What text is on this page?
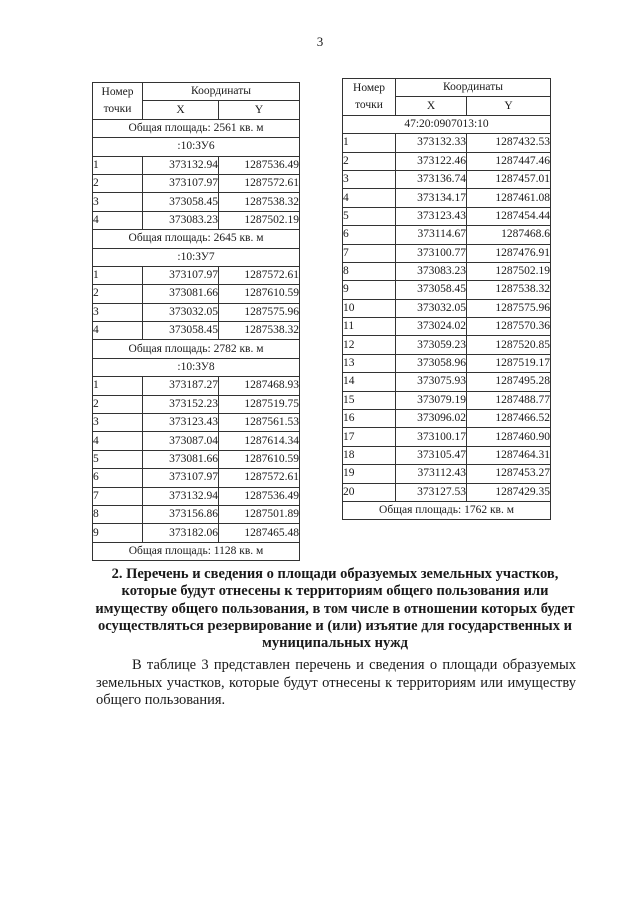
3
Номер
точки	Координаты	
	X	Y
Общая площадь: 2561 кв. м		
:10:ЗУ6		
1	373132.94	1287536.49
2	373107.97	1287572.61
3	373058.45	1287538.32
4	373083.23	1287502.19
Общая площадь: 2645 кв. м		
:10:ЗУ7		
1	373107.97	1287572.61
2	373081.66	1287610.59
3	373032.05	1287575.96
4	373058.45	1287538.32
Общая площадь: 2782 кв. м		
:10:ЗУ8		
1	373187.27	1287468.93
2	373152.23	1287519.75
3	373123.43	1287561.53
4	373087.04	1287614.34
5	373081.66	1287610.59
6	373107.97	1287572.61
7	373132.94	1287536.49
8	373156.86	1287501.89
9	373182.06	1287465.48
Общая площадь: 1128 кв. м		
Номер
точки	Координаты	
	X	Y
47:20:0907013:10		
1	373132.33	1287432.53
2	373122.46	1287447.46
3	373136.74	1287457.01
4	373134.17	1287461.08
5	373123.43	1287454.44
6	373114.67	1287468.6
7	373100.77	1287476.91
8	373083.23	1287502.19
9	373058.45	1287538.32
10	373032.05	1287575.96
11	373024.02	1287570.36
12	373059.23	1287520.85
13	373058.96	1287519.17
14	373075.93	1287495.28
15	373079.19	1287488.77
16	373096.02	1287466.52
17	373100.17	1287460.90
18	373105.47	1287464.31
19	373112.43	1287453.27
20	373127.53	1287429.35
Общая площадь: 1762 кв. м		
2. Перечень и сведения о площади образуемых земельных участков, которые будут отнесены к территориям общего пользования или имуществу общего пользования, в том числе в отношении которых будет осуществляться резервирование и (или) изъятие для государственных и муниципальных нужд
В таблице 3 представлен перечень и сведения о площади образуемых земельных участков, которые будут отнесены к территориям или имуществу общего пользования.
